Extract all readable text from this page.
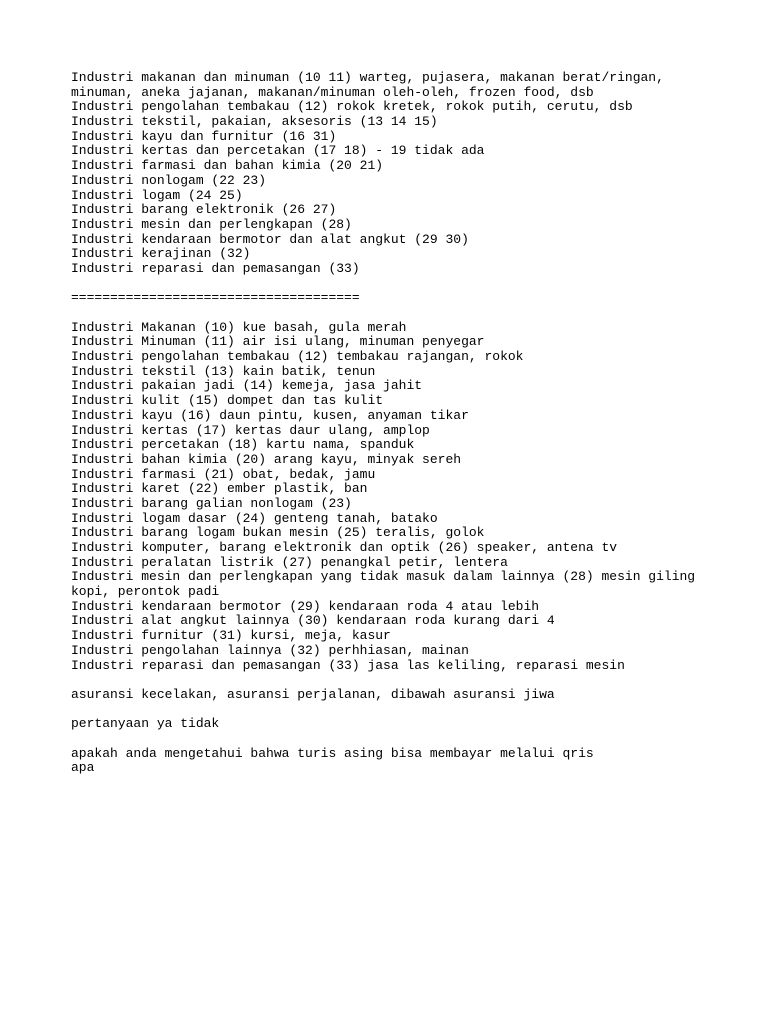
Industri makanan dan minuman (10 11) warteg, pujasera, makanan berat/ringan,
minuman, aneka jajanan, makanan/minuman oleh-oleh, frozen food, dsb
Industri pengolahan tembakau (12) rokok kretek, rokok putih, cerutu, dsb
Industri tekstil, pakaian, aksesoris (13 14 15)
Industri kayu dan furnitur (16 31)
Industri kertas dan percetakan (17 18) - 19 tidak ada
Industri farmasi dan bahan kimia (20 21)
Industri nonlogam (22 23)
Industri logam (24 25)
Industri barang elektronik (26 27)
Industri mesin dan perlengkapan (28)
Industri kendaraan bermotor dan alat angkut (29 30)
Industri kerajinan (32)
Industri reparasi dan pemasangan (33)
=====================================
Industri Makanan (10) kue basah, gula merah
Industri Minuman (11) air isi ulang, minuman penyegar
Industri pengolahan tembakau (12) tembakau rajangan, rokok
Industri tekstil (13) kain batik, tenun
Industri pakaian jadi (14) kemeja, jasa jahit
Industri kulit (15) dompet dan tas kulit
Industri kayu (16) daun pintu, kusen, anyaman tikar
Industri kertas (17) kertas daur ulang, amplop
Industri percetakan (18) kartu nama, spanduk
Industri bahan kimia (20) arang kayu, minyak sereh
Industri farmasi (21) obat, bedak, jamu
Industri karet (22) ember plastik, ban
Industri barang galian nonlogam (23)
Industri logam dasar (24) genteng tanah, batako
Industri barang logam bukan mesin (25) teralis, golok
Industri komputer, barang elektronik dan optik (26) speaker, antena tv
Industri peralatan listrik (27) penangkal petir, lentera
Industri mesin dan perlengkapan yang tidak masuk dalam lainnya (28) mesin giling
kopi, perontok padi
Industri kendaraan bermotor (29) kendaraan roda 4 atau lebih
Industri alat angkut lainnya (30) kendaraan roda kurang dari 4
Industri furnitur (31) kursi, meja, kasur
Industri pengolahan lainnya (32) perhhiasan, mainan
Industri reparasi dan pemasangan (33) jasa las keliling, reparasi mesin
asuransi kecelakan, asuransi perjalanan, dibawah asuransi jiwa
pertanyaan ya tidak
apakah anda mengetahui bahwa turis asing bisa membayar melalui qris
apa
